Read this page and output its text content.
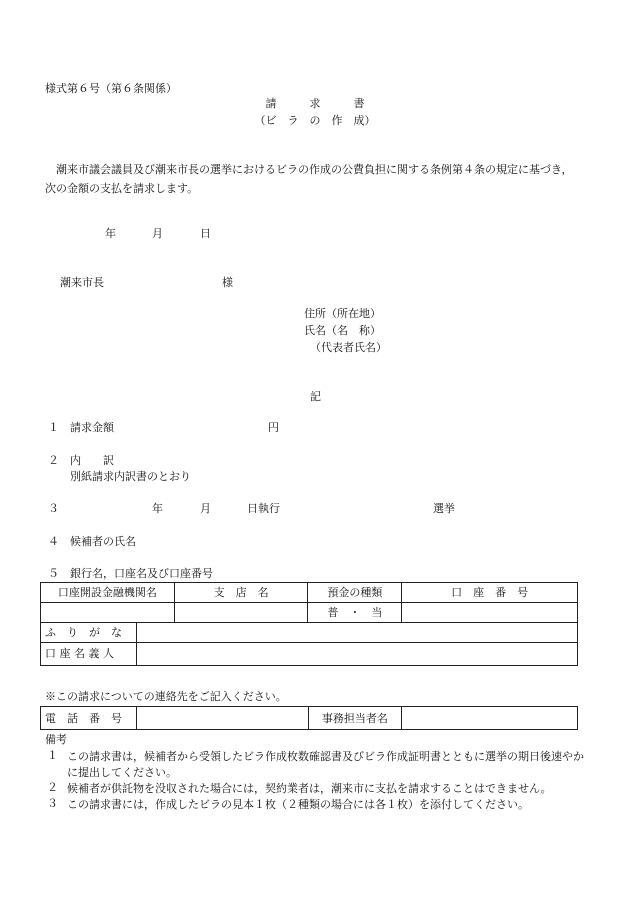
様式第６号（第６条関係）
請　　　求　　　書
（ビ　ラ　の　作　成）
潮来市議会議員及び潮来市長の選挙におけるビラの作成の公費負担に関する条例第４条の規定に基づき，次の金額の支払を請求します。
年	月	日
潮来市長	様
住所（所在地）
氏名（名　称）
（代表者氏名）
記
１ 請求金額	円
２ 内　　訳
別紙請求内訳書のとおり
３	年	月	日執行	選挙
４ 候補者の氏名
５ 銀行名，口座名及び口座番号
口座開設金融機関名		支　店　名	預金の種類	口　座　番　号
			普　・　当	
ふ　り　が　な				
口 座 名 義 人				
※この請求についての連絡先をご記入ください。
電　話　番　号		事務担当者名	
備考
１ この請求書は，候補者から受領したビラ作成枚数確認書及びビラ作成証明書とともに選挙の期日後速やかに提出してください。
２ 候補者が供託物を没収された場合には，契約業者は，潮来市に支払を請求することはできません。
３ この請求書には，作成したビラの見本１枚（２種類の場合には各１枚）を添付してください。
